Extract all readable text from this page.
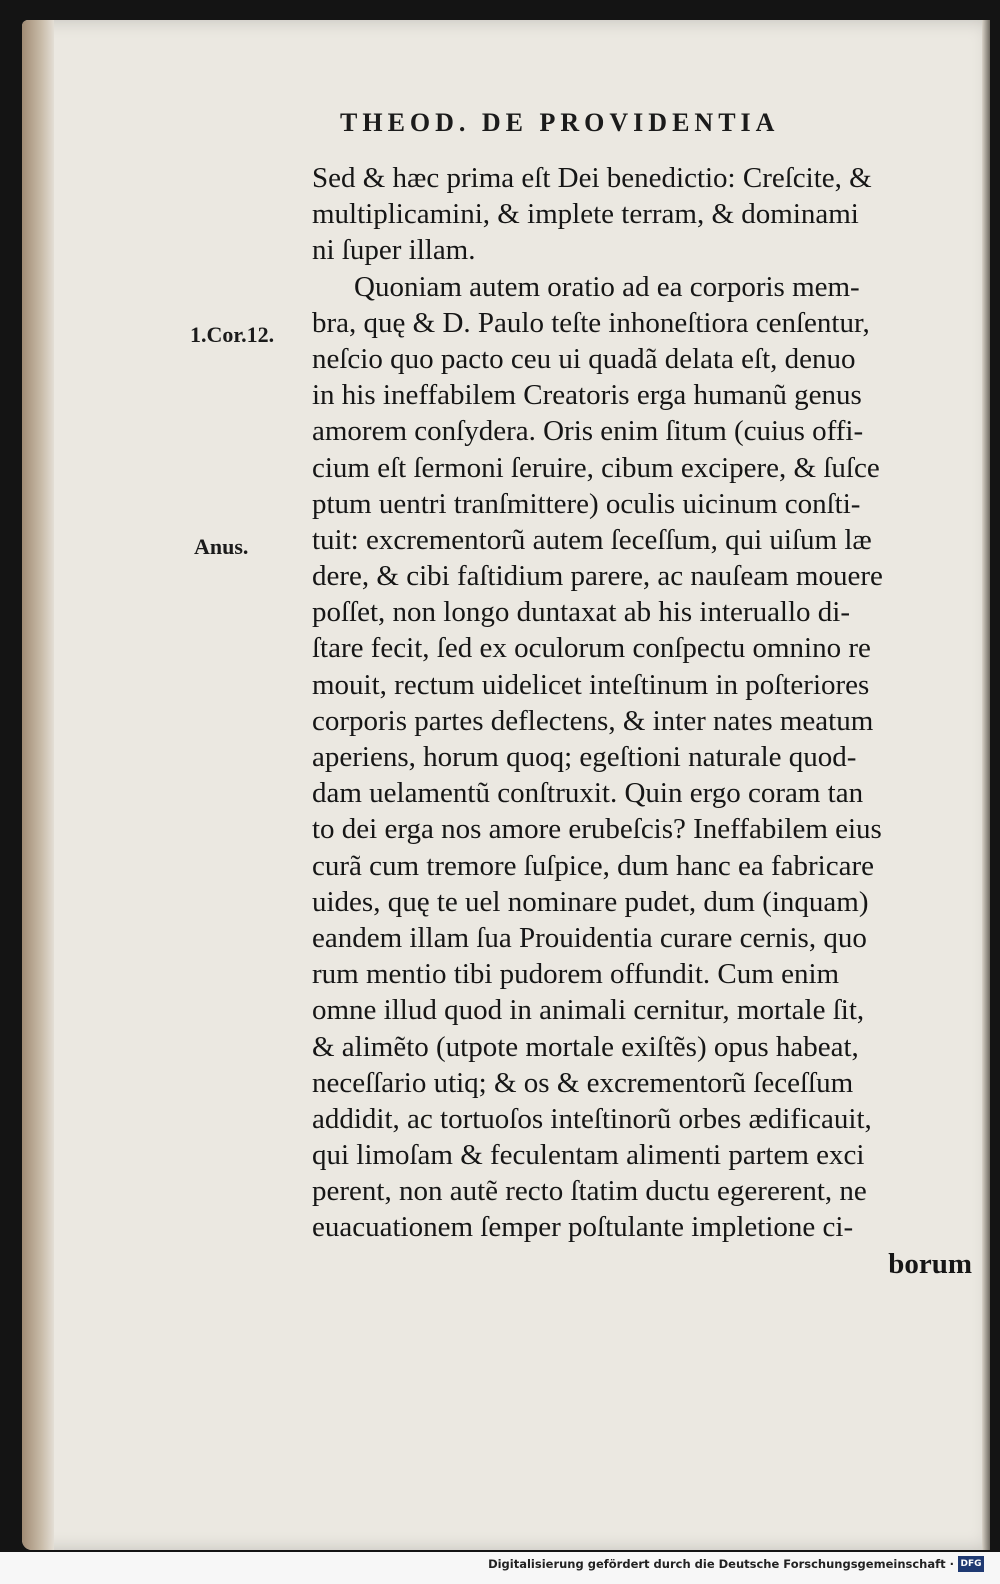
THEOD. DE PROVIDENTIA
1.Cor.12.
Anus.
Sed & hæc prima eſt Dei benedictio: Creſcite, &
multiplicamini, & implete terram, & dominami
ni ſuper illam.
Quoniam autem oratio ad ea corporis mem-
bra, quę & D. Paulo teſte inhoneſtiora cenſentur,
neſcio quo pacto ceu ui quadã delata eſt, denuo
in his ineffabilem Creatoris erga humanũ genus
amorem conſydera. Oris enim ſitum (cuius offi-
cium eſt ſermoni ſeruire, cibum excipere, & ſuſce
ptum uentri tranſmittere) oculis uicinum conſti-
tuit: excrementorũ autem ſeceſſum, qui uiſum læ
dere, & cibi faſtidium parere, ac nauſeam mouere
poſſet, non longo duntaxat ab his interuallo di-
ſtare fecit, ſed ex oculorum conſpectu omnino re
mouit, rectum uidelicet inteſtinum in poſteriores
corporis partes deflectens, & inter nates meatum
aperiens, horum quoq; egeſtioni naturale quod-
dam uelamentũ conſtruxit. Quin ergo coram tan
to dei erga nos amore erubeſcis? Ineffabilem eius
curã cum tremore ſuſpice, dum hanc ea fabricare
uides, quę te uel nominare pudet, dum (inquam)
eandem illam ſua Prouidentia curare cernis, quo
rum mentio tibi pudorem offundit. Cum enim
omne illud quod in animali cernitur, mortale ſit,
& alimẽto (utpote mortale exiſtẽs) opus habeat,
neceſſario utiq; & os & excrementorũ ſeceſſum
addidit, ac tortuoſos inteſtinorũ orbes ædificauit,
qui limoſam & feculentam alimenti partem exci
perent, non autẽ recto ſtatim ductu egererent, ne
euacuationem ſemper poſtulante impletione ci-
borum
Digitalisierung gefördert durch die Deutsche Forschungsgemeinschaft · DFG
